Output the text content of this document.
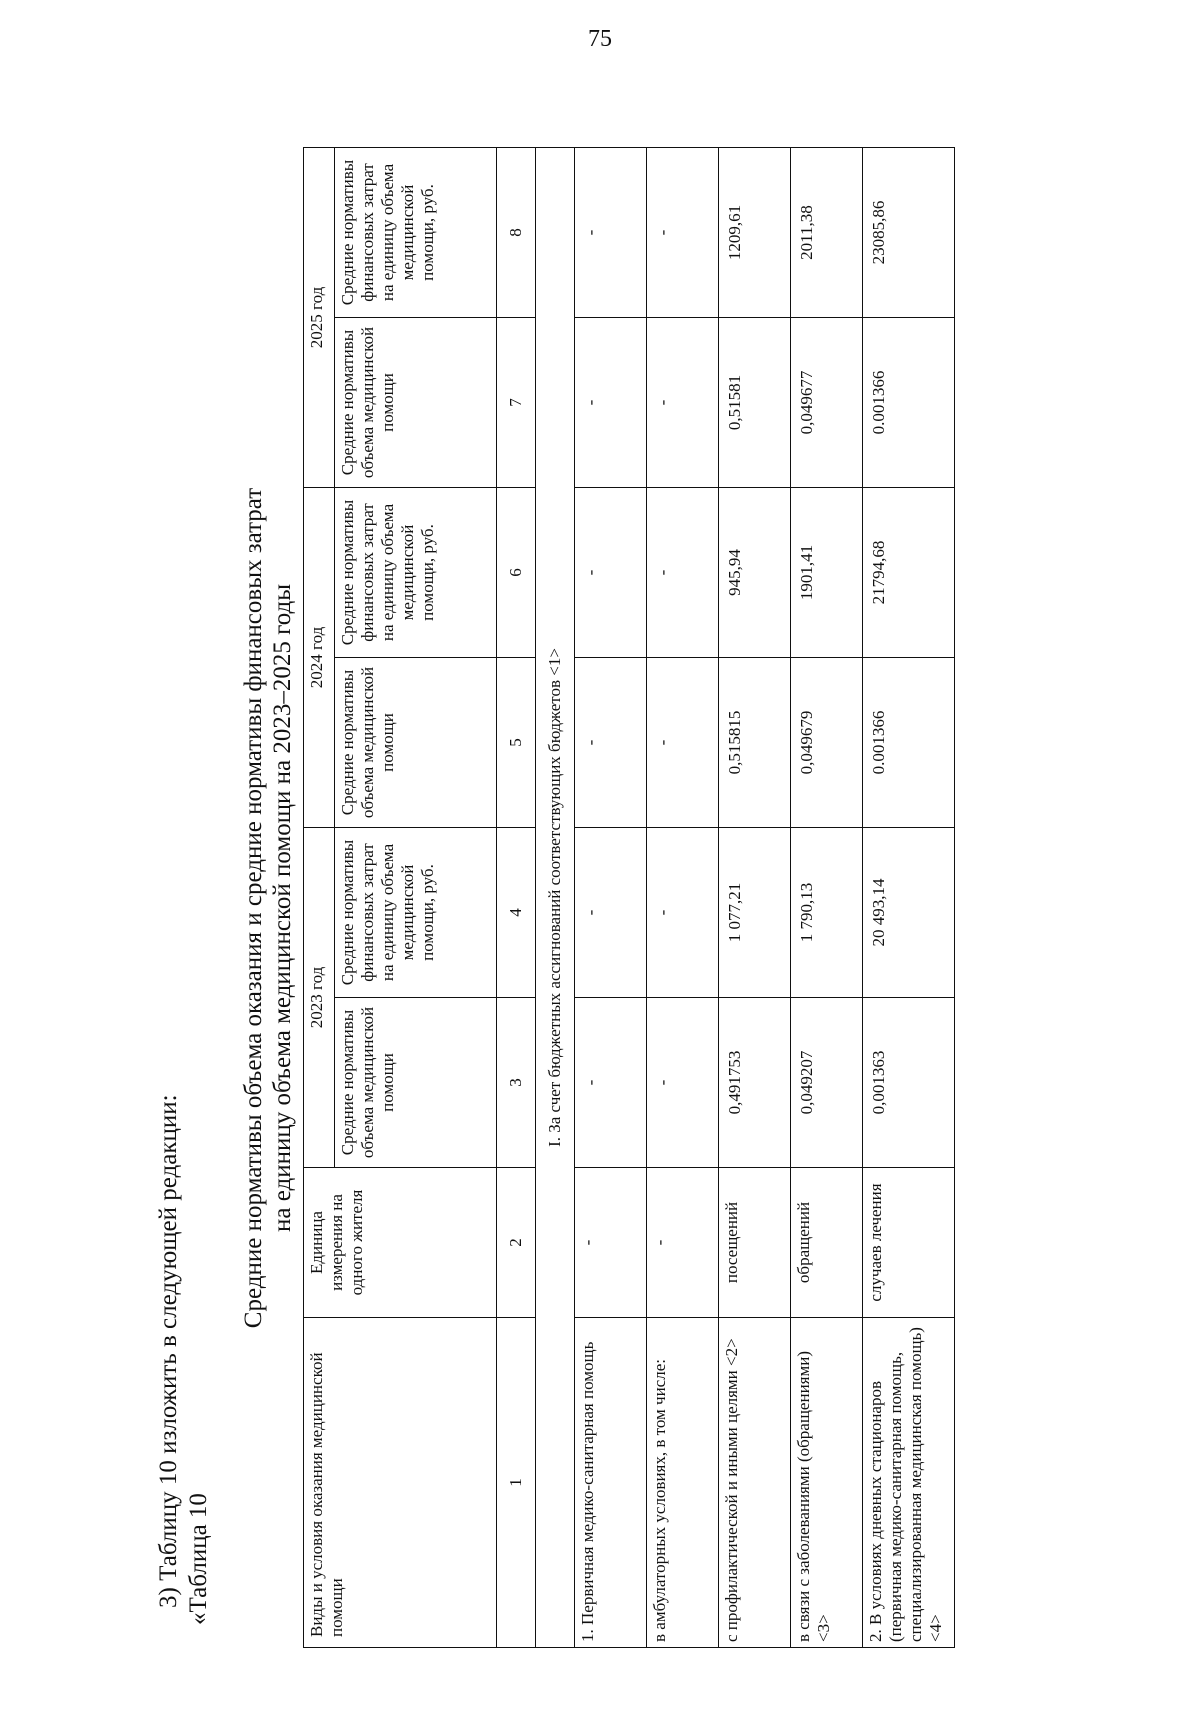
75
3) Таблицу 10 изложить в следующей редакции: «Таблица 10
Средние нормативы объема оказания и средние нормативы финансовых затрат на единицу объема медицинской помощи на 2023–2025 годы
Виды и условия оказания медицинской помощи	Единица измерения на одного жителя	2023 год		2024 год		2025 год	
		Средние нормативы объема медицинской помощи	Средние нормативы финансовых затрат на единицу объема медицинской помощи, руб.	Средние нормативы объема медицинской помощи	Средние нормативы финансовых затрат на единицу объема медицинской помощи, руб.	Средние нормативы объема медицинской помощи	Средние нормативы финансовых затрат на единицу объема медицинской помощи, руб.
1	2	3	4	5	6	7	8
I. За счет бюджетных ассигнований соответствующих бюджетов <1>							
1. Первичная медико-санитарная помощь	-	-	-	-	-	-	-
в амбулаторных условиях, в том числе:	-	-	-	-	-	-	-
с профилактической и иными целями <2>	посещений	0,491753	1 077,21	0,515815	945,94	0,51581	1209,61
в связи с заболеваниями (обращениями) <3>	обращений	0,049207	1 790,13	0,049679	1901,41	0,049677	2011,38
2. В условиях дневных стационаров (первичная медико-санитарная помощь, специализированная медицинская помощь) <4>	случаев лечения	0,001363	20 493,14	0.001366	21794,68	0.001366	23085,86
